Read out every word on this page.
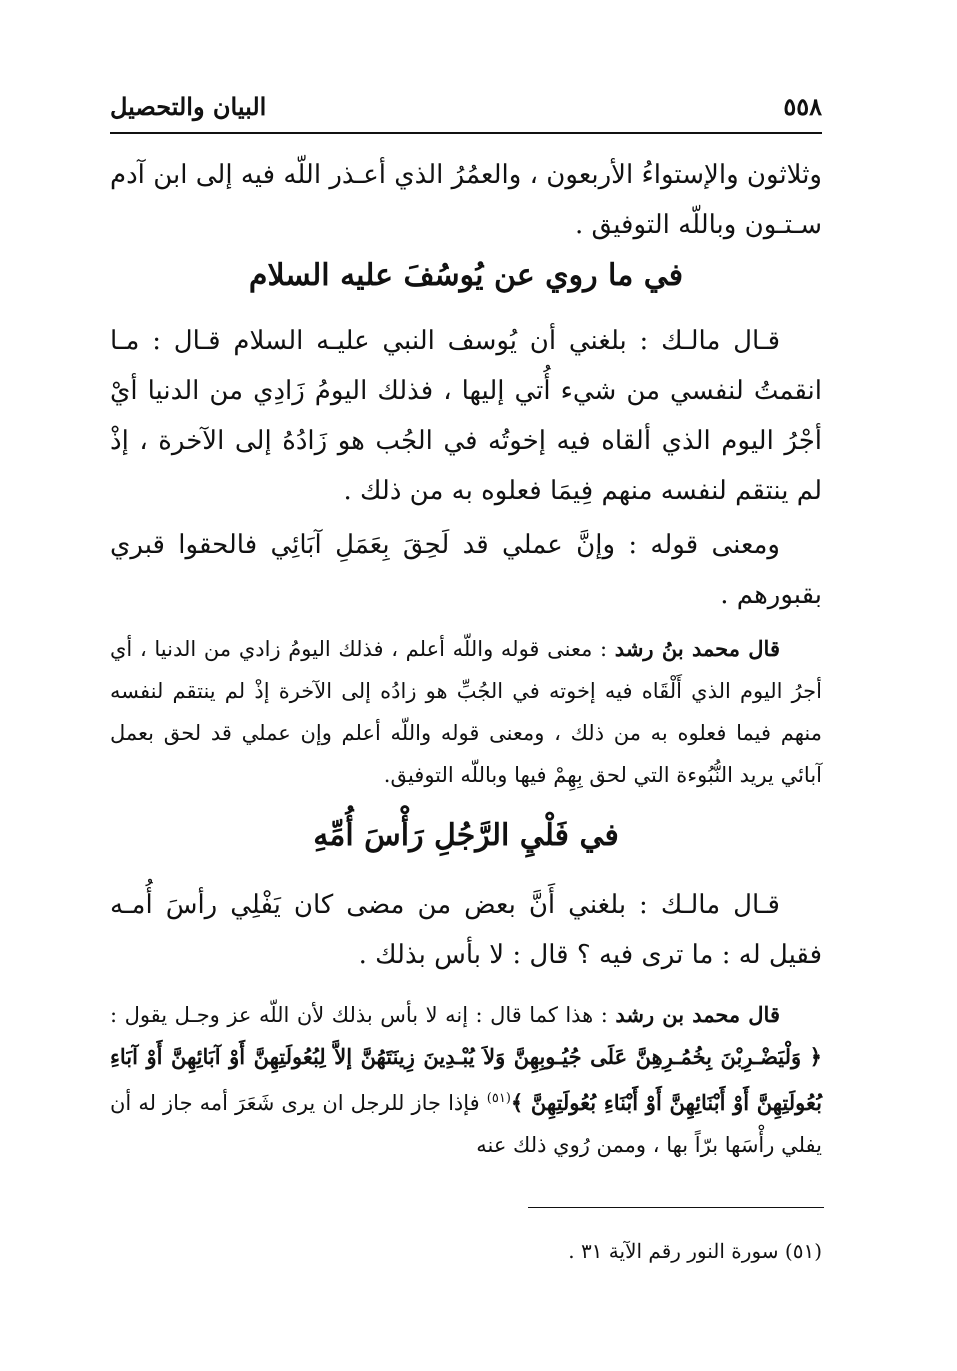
٥٥٨
البيان والتحصيل
وثلاثون والإستواءُ الأربعون ، والعمُرُ الذي أعـذر اللّه فيه إلى ابن آدم سـتـون وباللّه التوفيق .
في ما روي عن يُوسُفَ عليه السلام
قـال مالـك : بلغني أن يُوسف النبي عليـه السلام قـال : مـا انقمتُ لنفسي من شيء أُتي إليها ، فذلك اليومُ زَادِي من الدنيا أيْ أجْرُ اليوم الذي ألقاه فيه إخوتُه في الجُب هو زَادُهُ إلى الآخرة ، إذْ لم ينتقم لنفسه منهم فِيمَا فعلوه به من ذلك .
ومعنى قوله : وإنَّ عملي قد لَحِقَ بِعَمَلِ آبَائِي فالحقوا قبري بقبورهم .
قال محمد بنُ رشد : معنى قوله واللّه أعلم ، فذلك اليومُ زادي من الدنيا ، أي أجرُ اليوم الذي أَلْقَاه فيه إخوته في الجُبِّ هو زادُه إلى الآخرة إذْ لم ينتقم لنفسه منهم فيما فعلوه به من ذلك ، ومعنى قوله واللّه أعلم وإن عملي قد لحق بعمل آبائي يريد النُّبُوءة التي لحق بِهِمْ فيها وباللّه التوفيق.
في فَلْيِ الرَّجُلِ رَأْسَ أُمِّهِ
قـال مالـك : بلغني أَنَّ بعض من مضى كان يَفْلِي رأسَ أُمـه فقيل له : ما ترى فيه ؟ قال : لا بأس بذلك .
قال محمد بن رشد : هذا كما قال : إنه لا بأس بذلك لأن اللّه عز وجـل يقول : ﴿ وَلْيَضْـرِبْنَ بِخُمُـرِهِنَّ عَلَى جُيُـوبِهِنَّ وَلاَ يُبْـدِينَ زِينَتَهُنَّ إلاَّ لِبُعُولَتِهِنَّ أَوْ آبَائِهِنَّ أَوْ آبَاءِ بُعُولَتِهِنَّ أَوْ أَبْنَائِهِنَّ أَوْ أَبْنَاءِ بُعُولَتِهِنَّ ﴾$^{(٥١)}$ فإذا جاز للرجل ان يرى شَعَرَ أمه جاز له أن يفلي رأْسَها برّاً بها ، وممن رُوي ذلك عنه
(٥١) سورة النور رقم الآية ٣١ .
